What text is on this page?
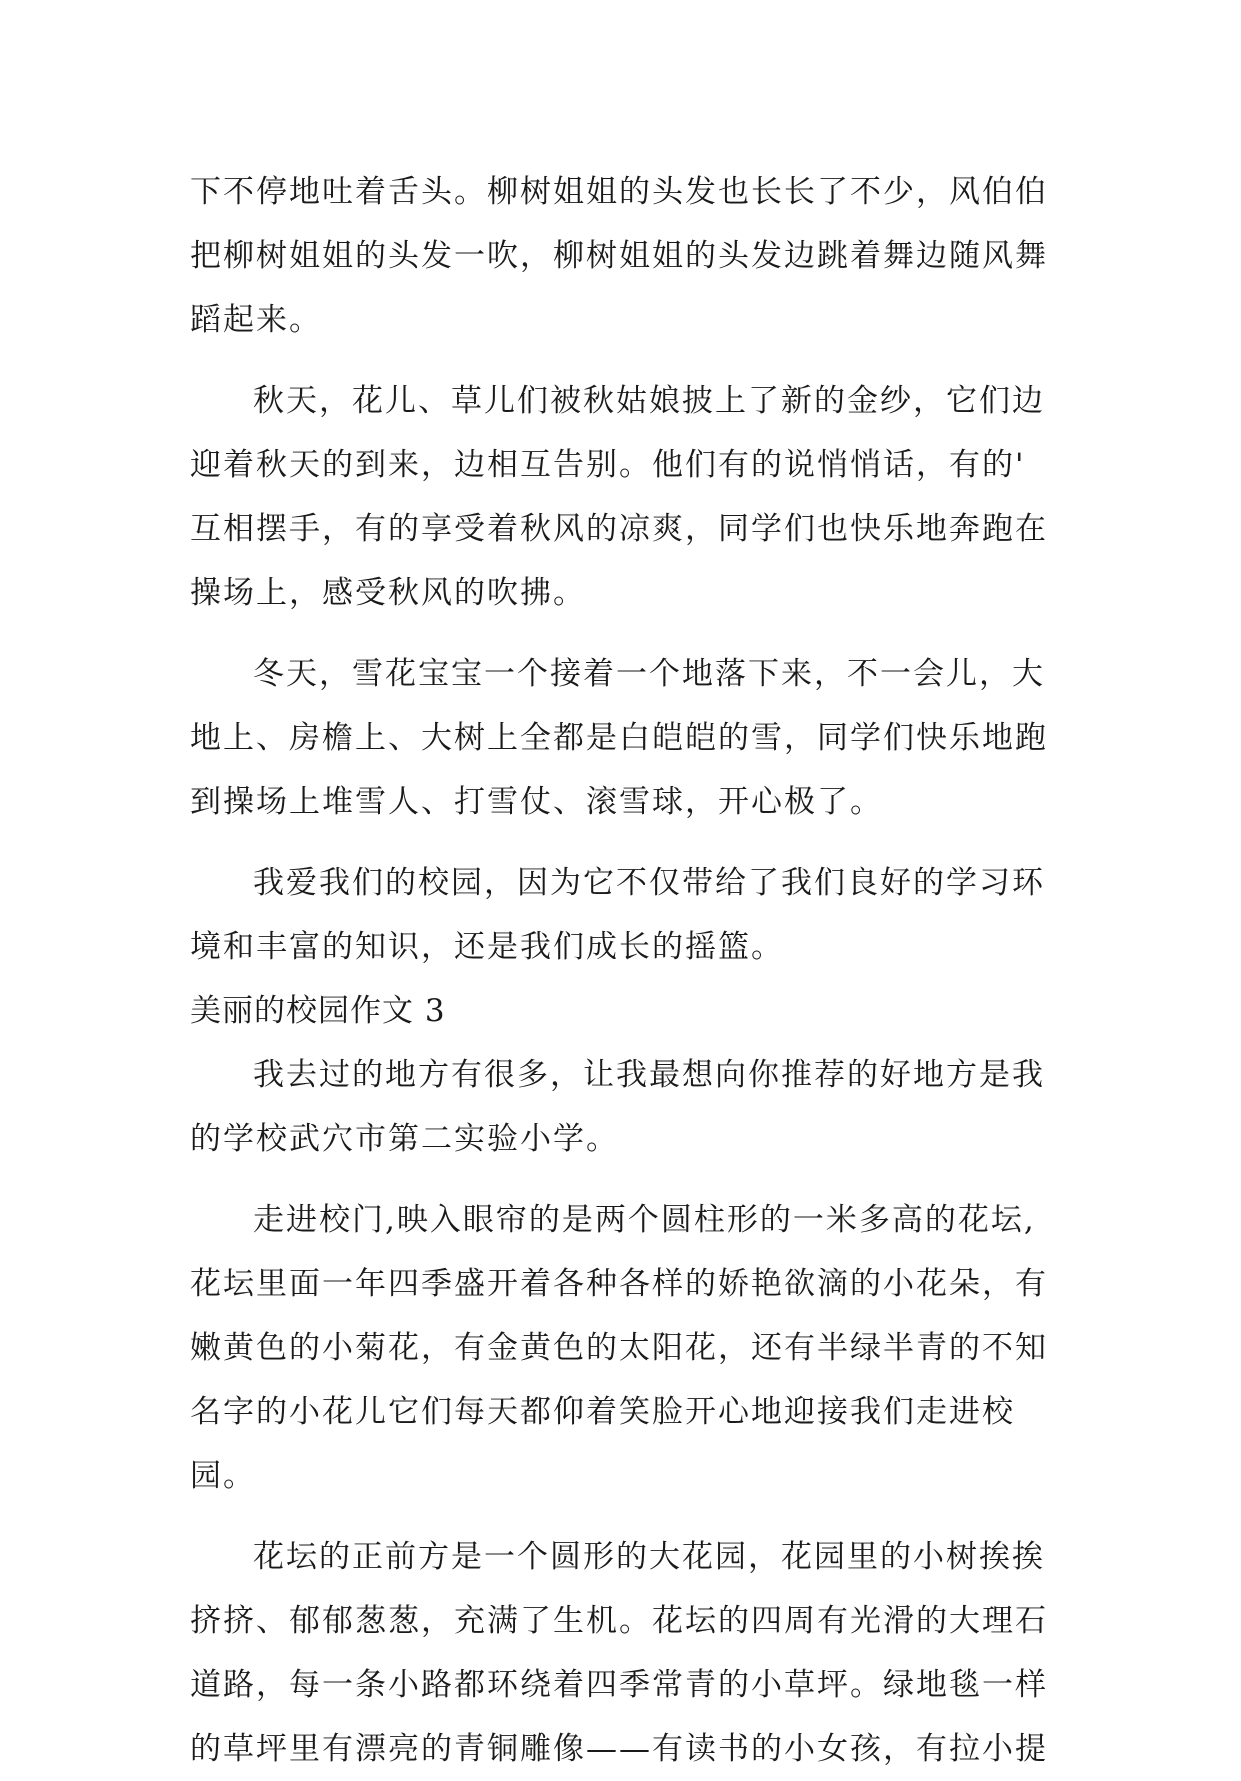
下不停地吐着舌头。柳树姐姐的头发也长长了不少，风伯伯
把柳树姐姐的头发一吹，柳树姐姐的头发边跳着舞边随风舞
蹈起来。
秋天，花儿、草儿们被秋姑娘披上了新的金纱，它们边
迎着秋天的到来，边相互告别。他们有的说悄悄话，有的'
互相摆手，有的享受着秋风的凉爽，同学们也快乐地奔跑在
操场上，感受秋风的吹拂。
冬天，雪花宝宝一个接着一个地落下来，不一会儿，大
地上、房檐上、大树上全都是白皑皑的雪，同学们快乐地跑
到操场上堆雪人、打雪仗、滚雪球，开心极了。
我爱我们的校园，因为它不仅带给了我们良好的学习环
境和丰富的知识，还是我们成长的摇篮。
美丽的校园作文 3
我去过的地方有很多，让我最想向你推荐的好地方是我
的学校武穴市第二实验小学。
走进校门,映入眼帘的是两个圆柱形的一米多高的花坛,
花坛里面一年四季盛开着各种各样的娇艳欲滴的小花朵，有
嫩黄色的小菊花，有金黄色的太阳花，还有半绿半青的不知
名字的小花儿它们每天都仰着笑脸开心地迎接我们走进校
园。
花坛的正前方是一个圆形的大花园，花园里的小树挨挨
挤挤、郁郁葱葱，充满了生机。花坛的四周有光滑的大理石
道路，每一条小路都环绕着四季常青的小草坪。绿地毯一样
的草坪里有漂亮的青铜雕像——有读书的小女孩，有拉小提
